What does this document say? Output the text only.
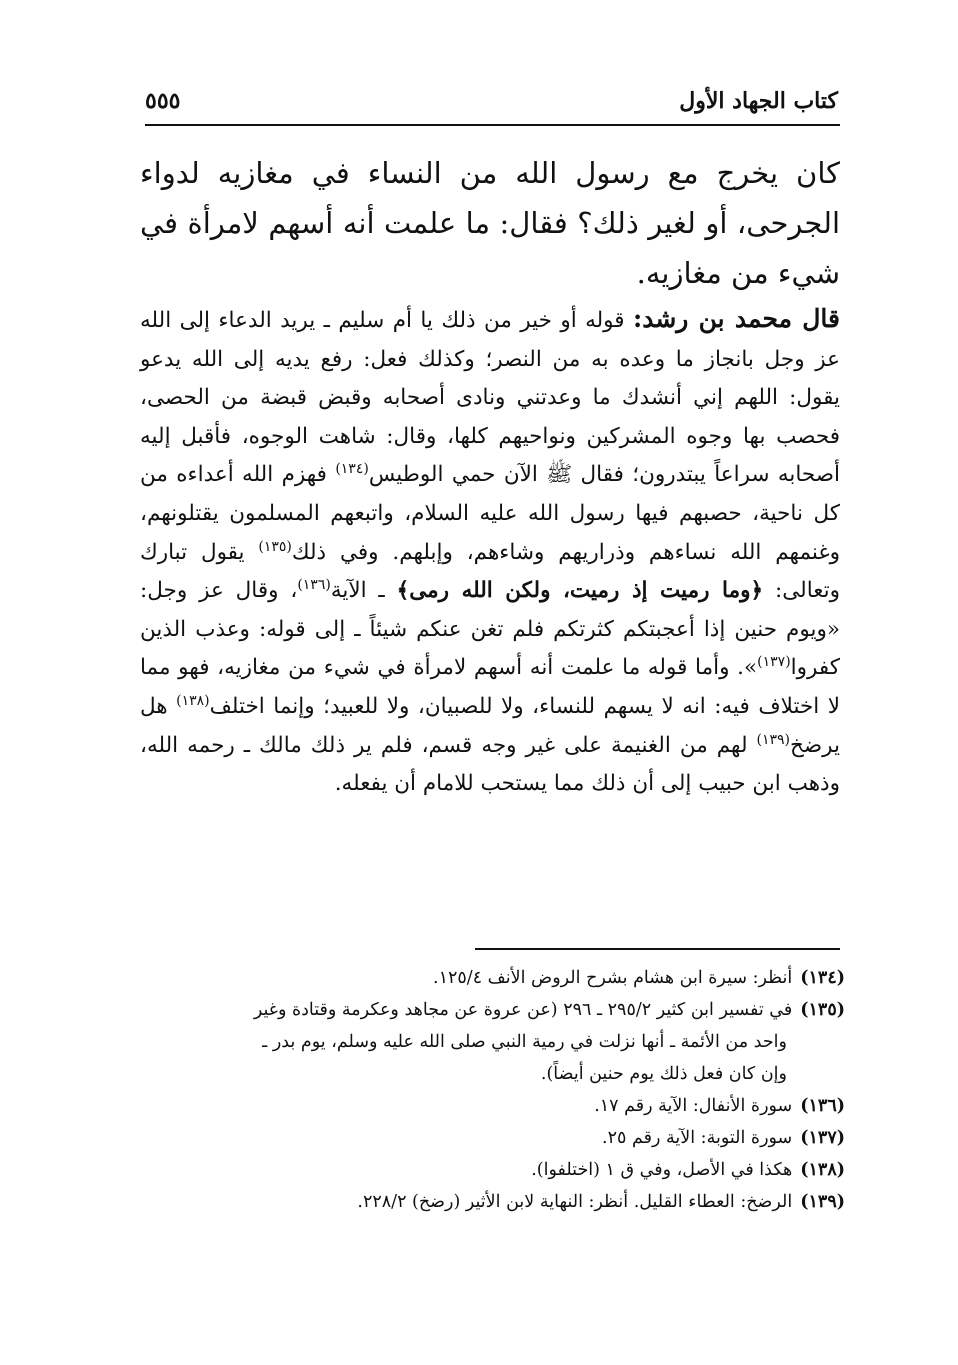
كتاب الجهاد الأول
٥٥٥
كان يخرج مع رسول الله من النساء في مغازيه لدواء الجرحى، أو لغير ذلك؟ فقال: ما علمت أنه أسهم لامرأة في شيء من مغازيه.
قال محمد بن رشد: قوله أو خير من ذلك يا أم سليم ـ يريد الدعاء إلى الله عز وجل بانجاز ما وعده به من النصر؛ وكذلك فعل: رفع يديه إلى الله يدعو يقول: اللهم إني أنشدك ما وعدتني ونادى أصحابه وقبض قبضة من الحصى، فحصب بها وجوه المشركين ونواحيهم كلها، وقال: شاهت الوجوه، فأقبل إليه أصحابه سراعاً يبتدرون؛ فقال ﷺ الآن حمي الوطيس$^{(١٣٤)}$ فهزم الله أعداءه من كل ناحية، حصبهم فيها رسول الله عليه السلام، واتبعهم المسلمون يقتلونهم، وغنمهم الله نساءهم وذراريهم وشاءهم، وإبلهم. وفي ذلك$^{(١٣٥)}$ يقول تبارك وتعالى: ﴿وما رميت إذ رميت، ولكن الله رمى﴾ ـ الآية$^{(١٣٦)}$، وقال عز وجل: «ويوم حنين إذا أعجبتكم كثرتكم فلم تغن عنكم شيئاً ـ إلى قوله: وعذب الذين كفروا$^{(١٣٧)}$». وأما قوله ما علمت أنه أسهم لامرأة في شيء من مغازيه، فهو مما لا اختلاف فيه: انه لا يسهم للنساء، ولا للصبيان، ولا للعبيد؛ وإنما اختلف$^{(١٣٨)}$ هل يرضخ$^{(١٣٩)}$ لهم من الغنيمة على غير وجه قسم، فلم ير ذلك مالك ـ رحمه الله، وذهب ابن حبيب إلى أن ذلك مما يستحب للامام أن يفعله.
(١٣٤)أنظر: سيرة ابن هشام بشرح الروض الأنف ١٢٥/٤.
(١٣٥)في تفسير ابن كثير ٢٩٥/٢ ـ ٢٩٦ (عن عروة عن مجاهد وعكرمة وقتادة وغير
واحد من الأئمة ـ أنها نزلت في رمية النبي صلى الله عليه وسلم، يوم بدر ـ
وإن كان فعل ذلك يوم حنين أيضاً).
(١٣٦)سورة الأنفال: الآية رقم ١٧.
(١٣٧)سورة التوبة: الآية رقم ٢٥.
(١٣٨)هكذا في الأصل، وفي ق ١ (اختلفوا).
(١٣٩)الرضخ: العطاء القليل. أنظر: النهاية لابن الأثير (رضخ) ٢٢٨/٢.
